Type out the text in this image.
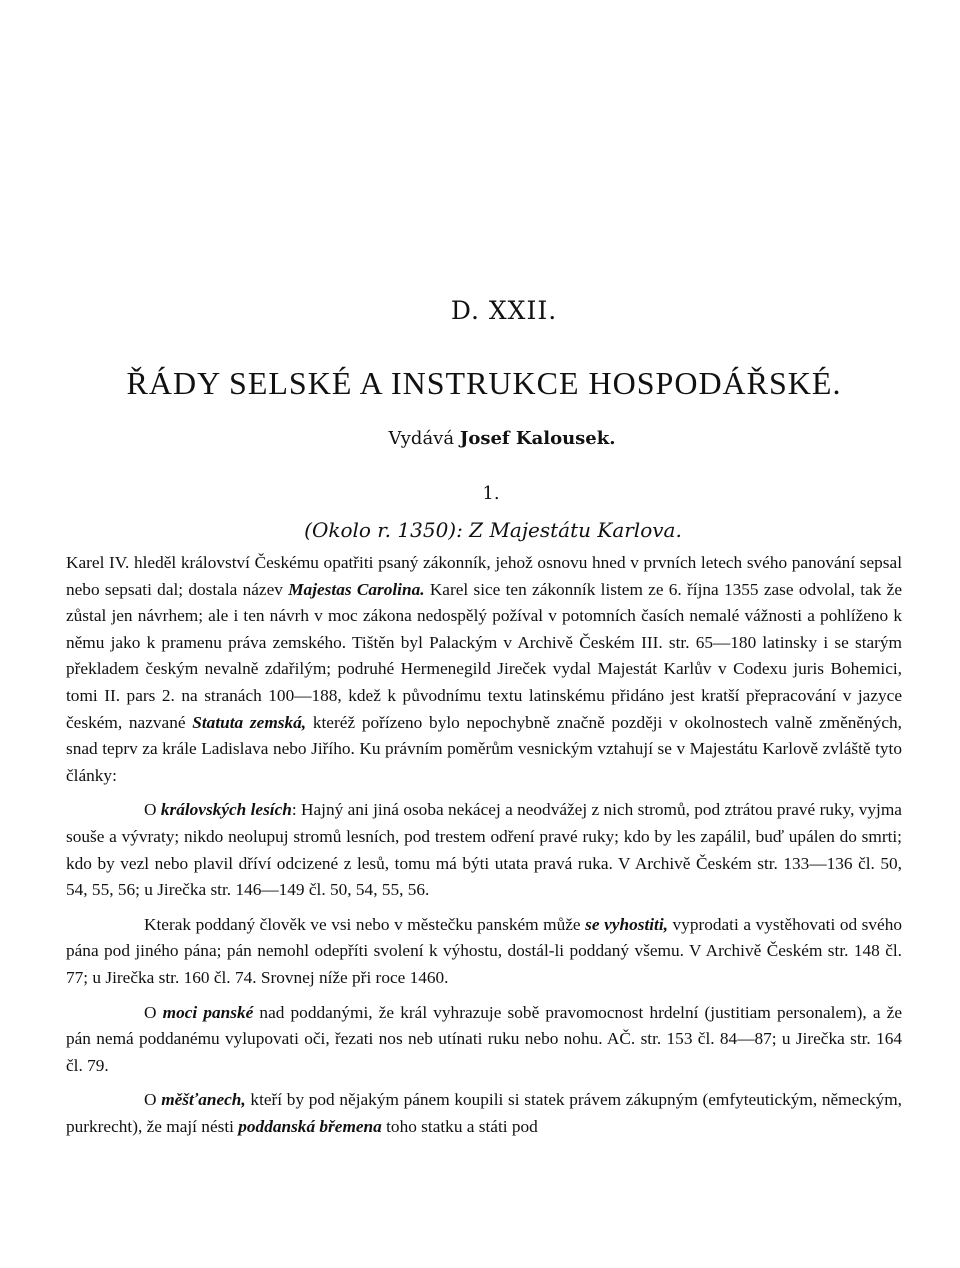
D. XXII.
ŘÁDY SELSKÉ A INSTRUKCE HOSPODÁŘSKÉ.
Vydává Josef Kalousek.
1.
(Okolo r. 1350): Z Majestátu Karlova.

Karel IV. hleděl království Českému opatřiti psaný zákonník, jehož osnovu hned v prvních letech svého panování sepsal nebo sepsati dal; dostala název Majestas Carolina. Karel sice ten zákonník listem ze 6. října 1355 zase odvolal, tak že zůstal jen návrhem; ale i ten návrh v moc zákona nedospělý požíval v potomních časích nemalé vážnosti a pohlíženo k němu jako k pramenu práva zemského. Tištěn byl Palackým v Archivě Českém III. str. 65—180 latinsky i se starým překladem českým nevalně zdařilým; podruhé Hermenegild Jireček vydal Majestát Karlův v Codexu juris Bohemici, tomi II. pars 2. na stranách 100—188, kdež k původnímu textu latinskému přidáno jest kratší přepracování v jazyce českém, nazvané Statuta zemská, kteréž pořízeno bylo nepochybně značně později v okolnostech valně změněných, snad teprv za krále Ladislava nebo Jiřího. Ku právním poměrům vesnickým vztahují se v Majestátu Karlově zvláště tyto články:

O královských lesích: Hajný ani jiná osoba nekácej a neodvážej z nich stromů, pod ztrátou pravé ruky, vyjma souše a vývraty; nikdo neolupuj stromů lesních, pod trestem odření pravé ruky; kdo by les zapálil, buď upálen do smrti; kdo by vezl nebo plavil dříví odcizené z lesů, tomu má býti utata pravá ruka. V Archivě Českém str. 133—136 čl. 50, 54, 55, 56; u Jirečka str. 146—149 čl. 50, 54, 55, 56.

Kterak poddaný člověk ve vsi nebo v městečku panském může se vyhostiti, vyprodati a vystěhovati od svého pána pod jiného pána; pán nemohl odepříti svolení k výhostu, dostál-li poddaný všemu. V Archivě Českém str. 148 čl. 77; u Jirečka str. 160 čl. 74. Srovnej níže při roce 1460.

O moci panské nad poddanými, že král vyhrazuje sobě pravomocnost hrdelní (justitiam personalem), a že pán nemá poddanému vylupovati oči, řezati nos neb utínati ruku nebo nohu. AČ. str. 153 čl. 84—87; u Jirečka str. 164 čl. 79.

O měšťanech, kteří by pod nějakým pánem koupili si statek právem zákupným (emfyteutickým, německým, purkrecht), že mají nésti poddanská břemena toho statku a státi pod
